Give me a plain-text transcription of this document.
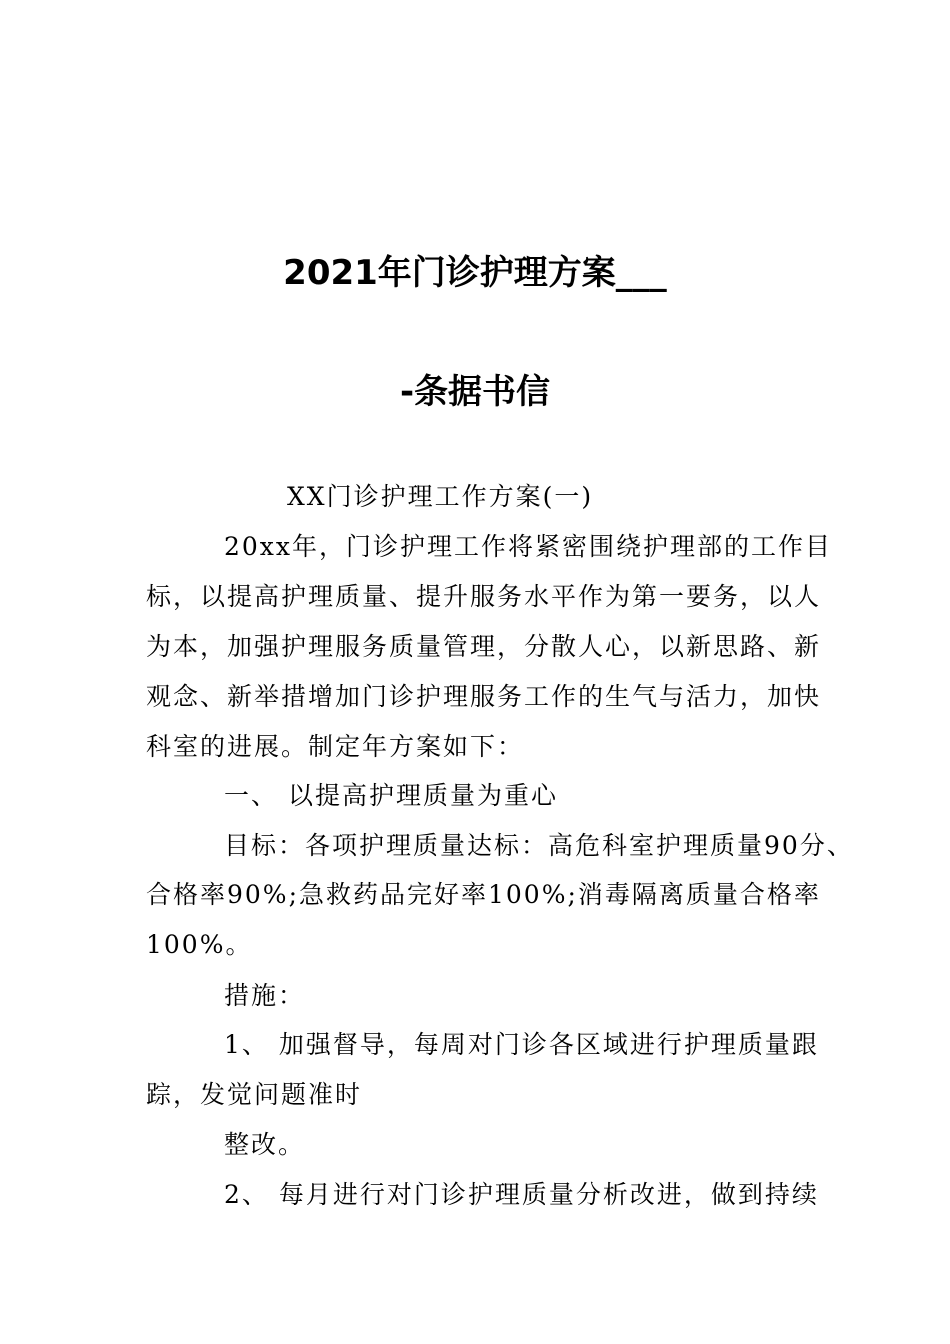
2021年门诊护理方案___
-条据书信
XX门诊护理工作方案(一)
20xx年，门诊护理工作将紧密围绕护理部的工作目
标，以提高护理质量、提升服务水平作为第一要务，以人
为本，加强护理服务质量管理，分散人心，以新思路、新
观念、新举措增加门诊护理服务工作的生气与活力，加快
科室的进展。制定年方案如下：
一、 以提高护理质量为重心
目标：各项护理质量达标：高危科室护理质量90分、
合格率90%;急救药品完好率100%;消毒隔离质量合格率
100%。
措施：
1、 加强督导，每周对门诊各区域进行护理质量跟
踪，发觉问题准时
整改。
2、 每月进行对门诊护理质量分析改进，做到持续
